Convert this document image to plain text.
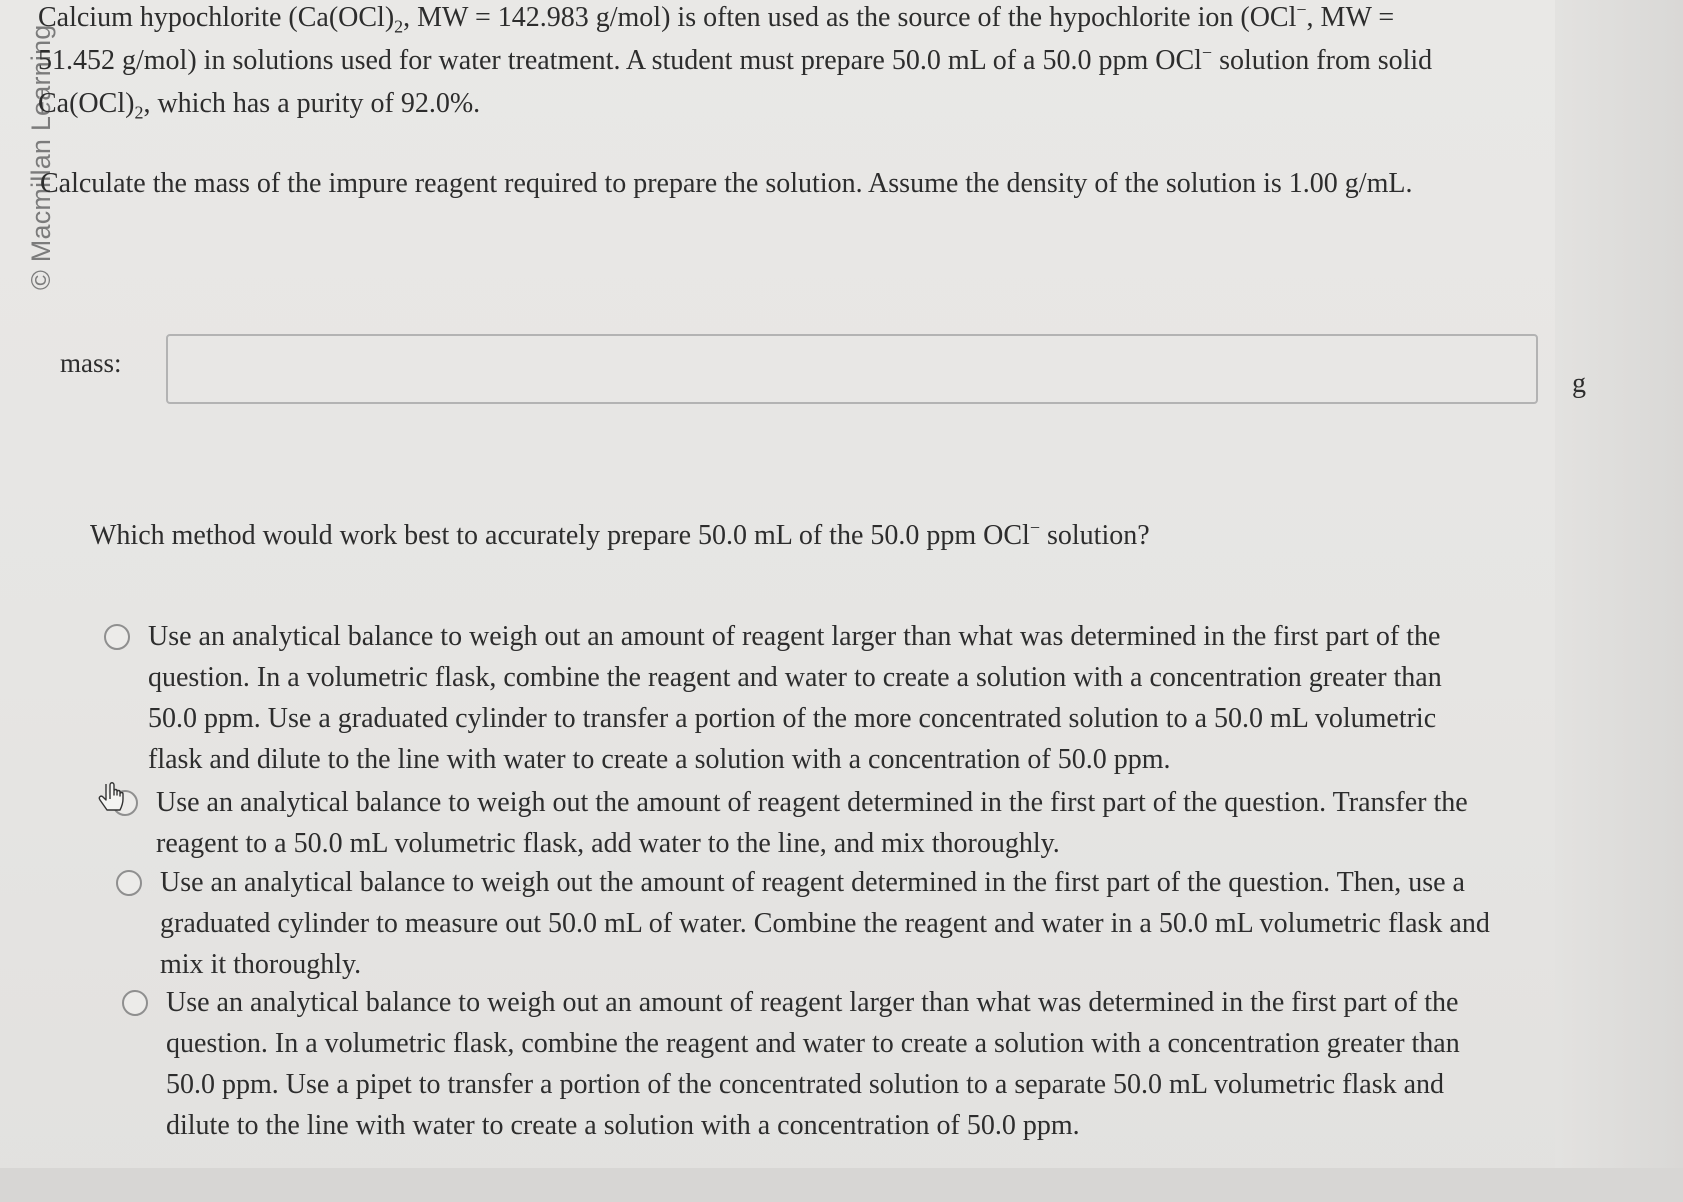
© Macmillan Learning
Calcium hypochlorite ($Ca(OCl)_2$, MW = 142.983 g/mol) is often used as the source of the hypochlorite ion (OCl−, MW =
51.452 g/mol) in solutions used for water treatment. A student must prepare 50.0 mL of a 50.0 ppm OCl− solution from solid
$Ca(OCl)_2$, which has a purity of 92.0%.
Calculate the mass of the impure reagent required to prepare the solution. Assume the density of the solution is 1.00 g/mL.
mass:
g
Which method would work best to accurately prepare 50.0 mL of the 50.0 ppm OCl− solution?
Use an analytical balance to weigh out an amount of reagent larger than what was determined in the first part of the
question. In a volumetric flask, combine the reagent and water to create a solution with a concentration greater than
50.0 ppm. Use a graduated cylinder to transfer a portion of the more concentrated solution to a 50.0 mL volumetric
flask and dilute to the line with water to create a solution with a concentration of 50.0 ppm.
Use an analytical balance to weigh out the amount of reagent determined in the first part of the question. Transfer the
reagent to a 50.0 mL volumetric flask, add water to the line, and mix thoroughly.
Use an analytical balance to weigh out the amount of reagent determined in the first part of the question. Then, use a
graduated cylinder to measure out 50.0 mL of water. Combine the reagent and water in a 50.0 mL volumetric flask and
mix it thoroughly.
Use an analytical balance to weigh out an amount of reagent larger than what was determined in the first part of the
question. In a volumetric flask, combine the reagent and water to create a solution with a concentration greater than
50.0 ppm. Use a pipet to transfer a portion of the concentrated solution to a separate 50.0 mL volumetric flask and
dilute to the line with water to create a solution with a concentration of 50.0 ppm.
